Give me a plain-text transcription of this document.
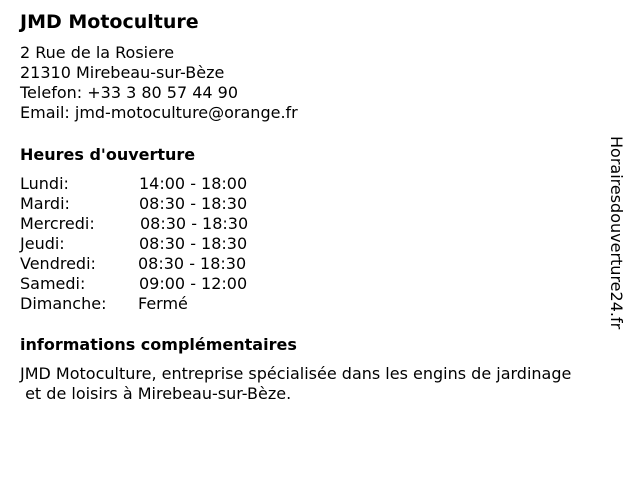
JMD Motoculture
2 Rue de la Rosiere
21310 Mirebeau-sur-Bèze
Telefon: +33 3 80 57 44 90
Email: jmd-motoculture@orange.fr
Heures d'ouverture
Lundi:	14:00 - 18:00
Mardi:	08:30 - 18:30
Mercredi:	08:30 - 18:30
Jeudi:	08:30 - 18:30
Vendredi:	08:30 - 18:30
Samedi:	09:00 - 12:00
Dimanche: Fermé
informations complémentaires
JMD Motoculture, entreprise spécialisée dans les engins de jardinage
et de loisirs à Mirebeau-sur-Bèze.
Horairesdouverture24.fr
